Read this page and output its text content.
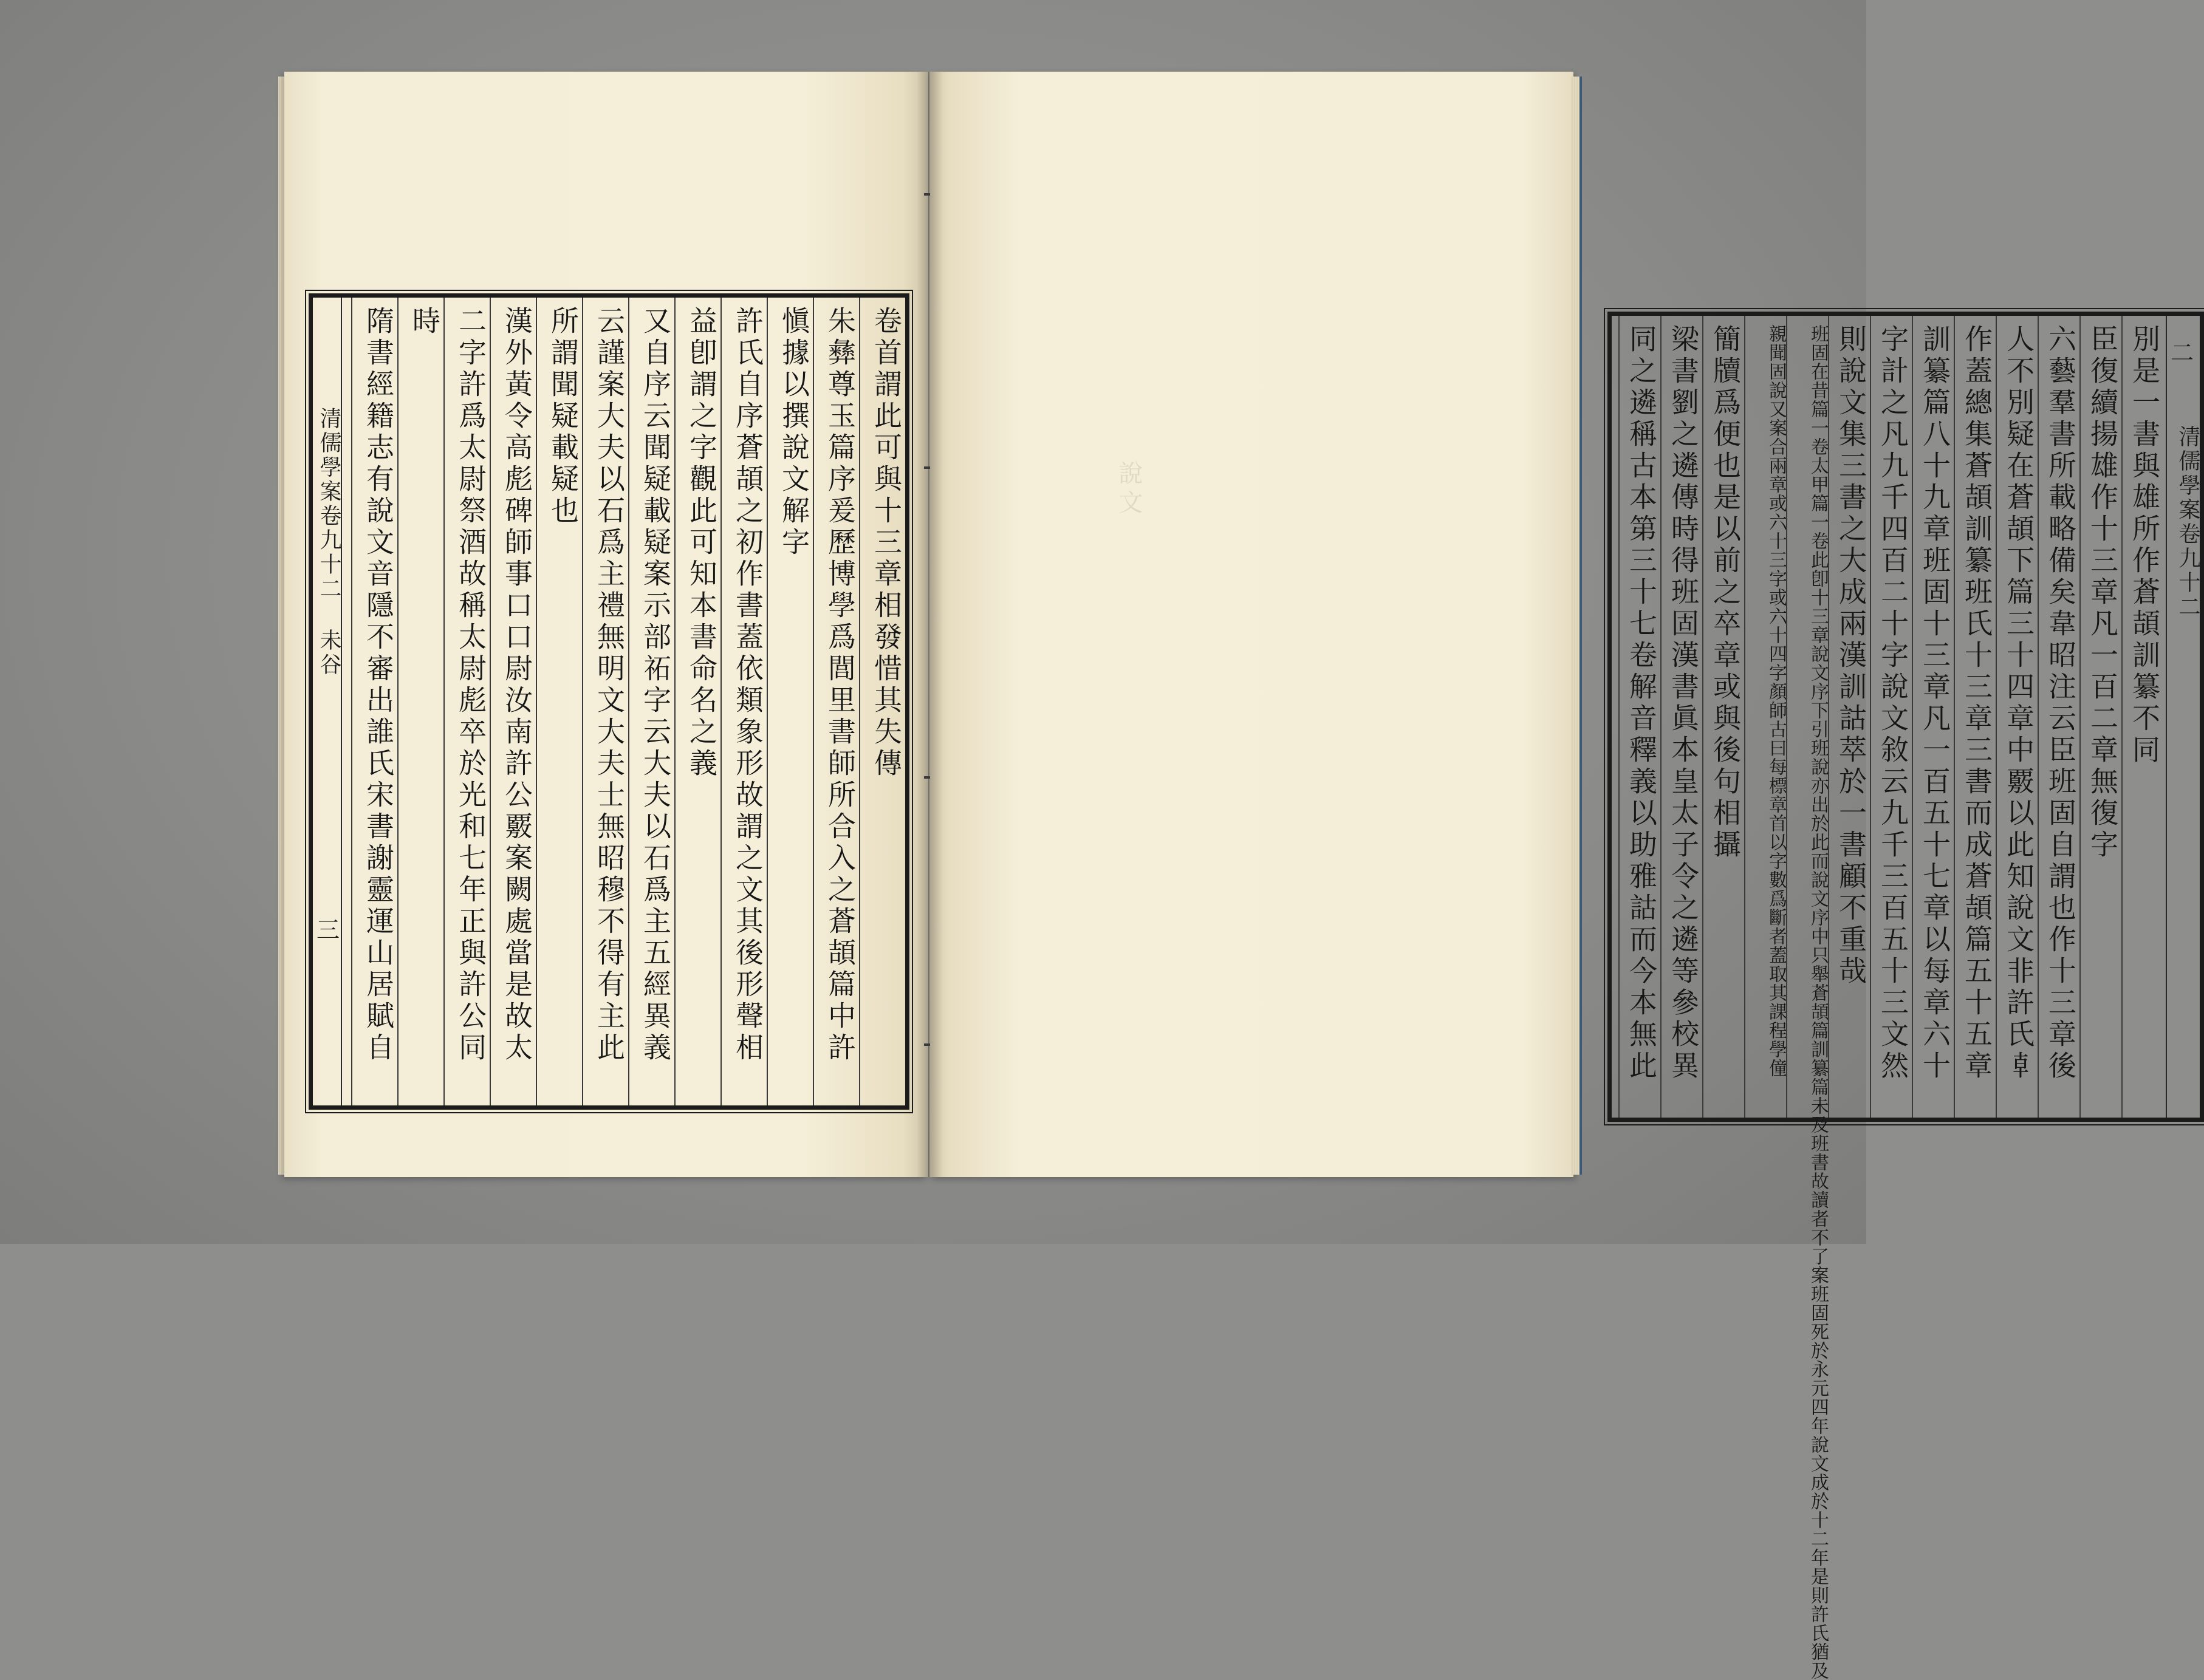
清儒學案卷九十二 未谷
三
卷首謂此可與十三章相發惜其失傳
朱彝尊玉篇序爰歷博學爲閭里書師所合入之蒼頡篇中許
愼據以撰說文解字
許氏自序蒼頡之初作書蓋依類象形故謂之文其後形聲相
益卽謂之字觀此可知本書命名之義
又自序云聞疑載疑案示部祏字云大夫以石爲主五經異義
云謹案大夫以石爲主禮無明文大夫士無昭穆不得有主此
所謂聞疑載疑也
漢外黃令高彪碑師事口口尉汝南許公覈案闕處當是故太
二字許爲太尉祭酒故稱太尉彪卒於光和七年正與許公同
時
隋書經籍志有說文音隱不審出誰氏宋書謝靈運山居賦自	說文	清儒學案卷九十二
二
別是一書與雄所作蒼頡訓纂不同
臣復續揚雄作十三章凡一百二章無復字
六藝羣書所載略備矣韋昭注云臣班固自謂也作十三章後
人不別疑在蒼頡下篇三十四章中覈以此知說文非許氏𠦝
作蓋總集蒼頡訓纂班氏十三章三書而成蒼頡篇五十五章
訓纂篇八十九章班固十三章凡一百五十七章以每章六十
字計之凡九千四百二十字說文敘云九千三百五十三文然
則說文集三書之大成兩漢訓詁萃於一書顧不重哉
班固在昔篇一卷太甲篇一卷此卽十三章說文序下引班說亦出於此而說文序中只舉蒼頡篇訓纂篇未及班書故讀者不了案班固死於永元四年說文成於十二年是則許氏猶及
親聞固說又案合兩章或六十三字或六十四字顏師古曰每標章首以字數爲斷者蓋取其課程學僮
簡牘爲便也是以前之卒章或與後句相攝
梁書劉之遴傳時得班固漢書眞本皇太子令之遴等參校異
同之遴稱古本第三十七卷解音釋義以助雅詁而今本無此
